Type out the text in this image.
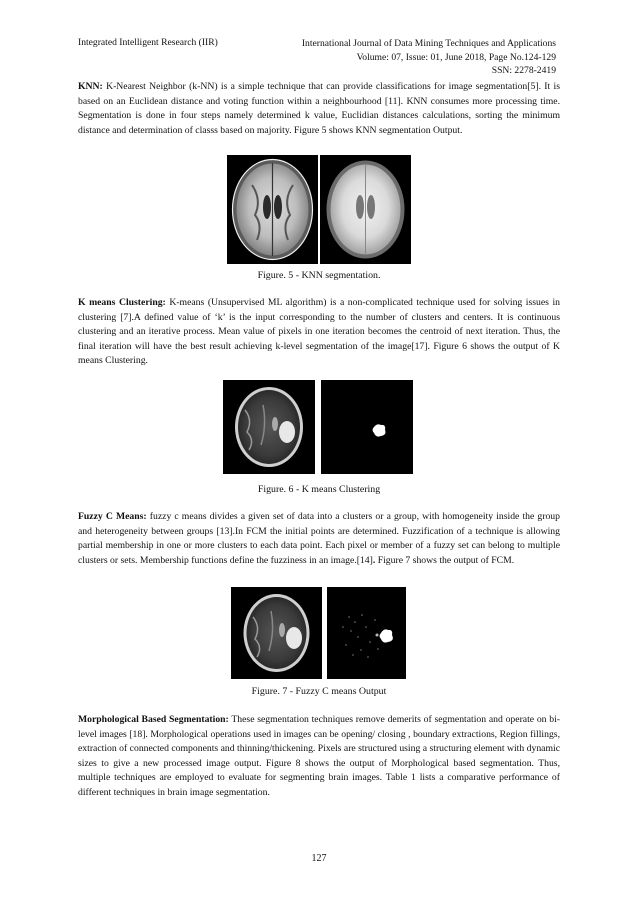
Integrated Intelligent Research (IIR)	International Journal of Data Mining Techniques and Applications
Volume: 07, Issue: 01, June 2018, Page No.124-129
SSN: 2278-2419

KNN: K-Nearest Neighbor (k-NN) is a simple technique that can provide classifications for image segmentation[5]. It is based on an Euclidean distance and voting function within a neighbourhood [11]. KNN consumes more processing time. Segmentation is done in four steps namely determined k value, Euclidian distances calculations, sorting the minimum distance and determination of classs based on majority. Figure 5 shows KNN segmentation Output.

Figure. 5 - KNN segmentation.

K means Clustering: K-means (Unsupervised ML algorithm) is a non-complicated technique used for solving issues in clustering [7].A defined value of ‘k’ is the input corresponding to the number of clusters and centers. It is continuous clustering and an iterative process. Mean value of pixels in one iteration becomes the centroid of next iteration. Thus, the final iteration will have the best result achieving k-level segmentation of the image[17]. Figure 6 shows the output of K means Clustering.

Figure. 6 - K means Clustering

Fuzzy C Means: fuzzy c means divides a given set of data into a clusters or a group, with homogeneity inside the group and heterogeneity between groups [13].In FCM the initial points are determined. Fuzzification of a technique is allowing partial membership in one or more clusters to each data point. Each pixel or member of a fuzzy set can belong to multiple clusters or sets. Membership functions define the fuzziness in an image.[14]. Figure 7 shows the output of FCM.

Figure. 7 - Fuzzy C means Output

Morphological Based Segmentation: These segmentation techniques remove demerits of segmentation and operate on bi-level images [18]. Morphological operations used in images can be opening/ closing , boundary extractions, Region fillings, extraction of connected components and thinning/thickening. Pixels are structured using a structuring element with dynamic sizes to give a new processed image output. Figure 8 shows the output of Morphological based segmentation. Thus, multiple techniques are employed to evaluate for segmenting brain images. Table 1 lists a comparative performance of different techniques in brain image segmentation.

127
